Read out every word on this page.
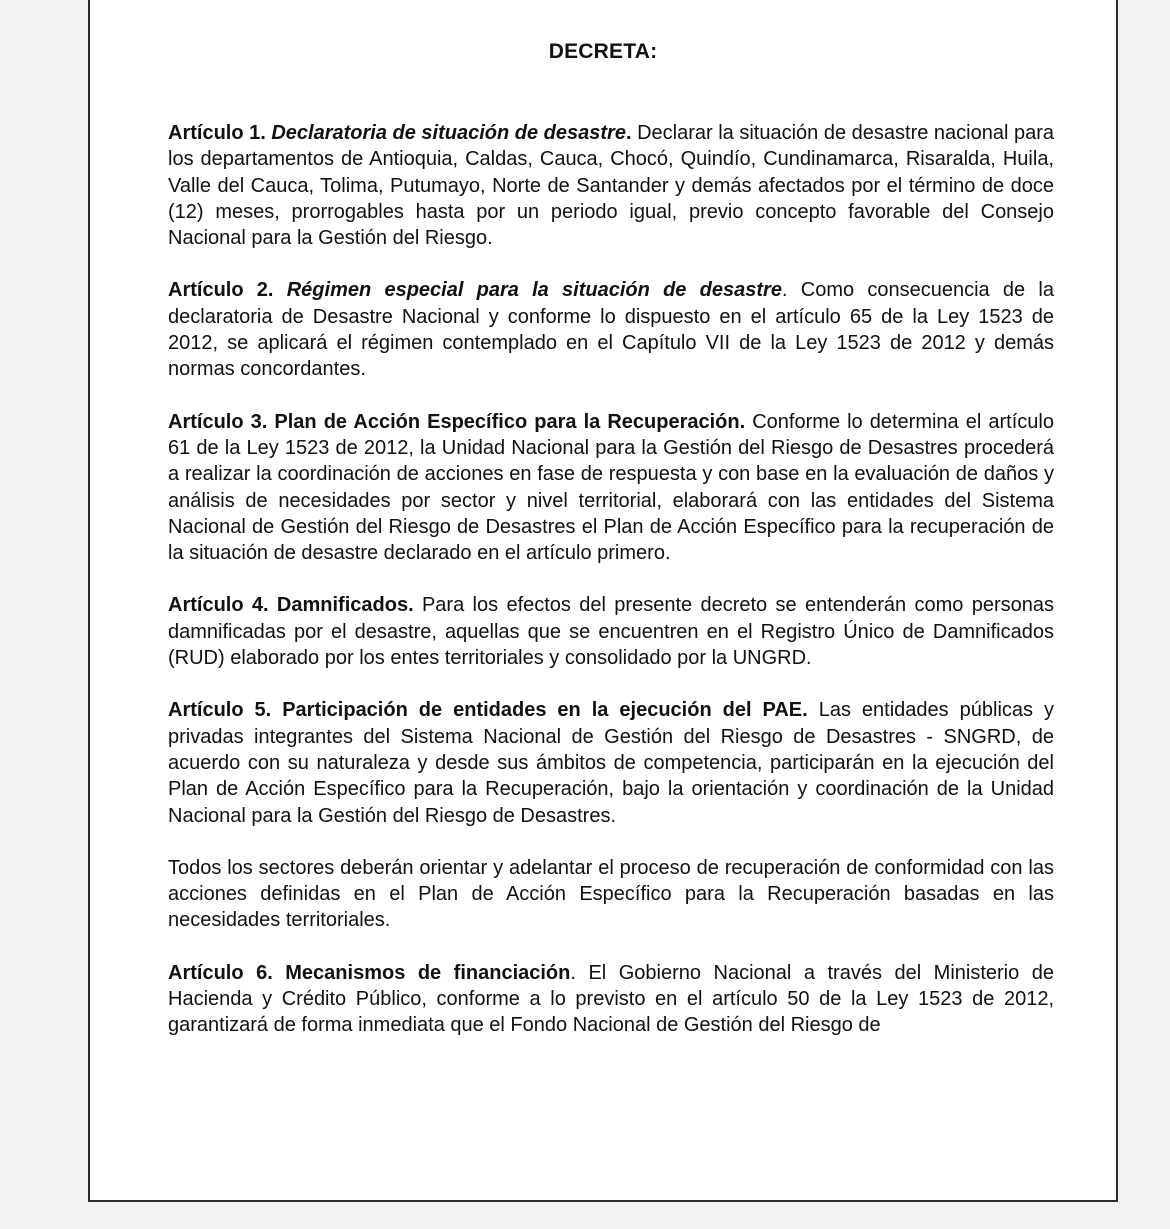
DECRETA:

Artículo 1. Declaratoria de situación de desastre. Declarar la situación de desastre nacional para los departamentos de Antioquia, Caldas, Cauca, Chocó, Quindío, Cundinamarca, Risaralda, Huila, Valle del Cauca, Tolima, Putumayo, Norte de Santander y demás afectados por el término de doce (12) meses, prorrogables hasta por un periodo igual, previo concepto favorable del Consejo Nacional para la Gestión del Riesgo.

Artículo 2. Régimen especial para la situación de desastre. Como consecuencia de la declaratoria de Desastre Nacional y conforme lo dispuesto en el artículo 65 de la Ley 1523 de 2012, se aplicará el régimen contemplado en el Capítulo VII de la Ley 1523 de 2012 y demás normas concordantes.

Artículo 3. Plan de Acción Específico para la Recuperación. Conforme lo determina el artículo 61 de la Ley 1523 de 2012, la Unidad Nacional para la Gestión del Riesgo de Desastres procederá a realizar la coordinación de acciones en fase de respuesta y con base en la evaluación de daños y análisis de necesidades por sector y nivel territorial, elaborará con las entidades del Sistema Nacional de Gestión del Riesgo de Desastres el Plan de Acción Específico para la recuperación de la situación de desastre declarado en el artículo primero.

Artículo 4. Damnificados. Para los efectos del presente decreto se entenderán como personas damnificadas por el desastre, aquellas que se encuentren en el Registro Único de Damnificados (RUD) elaborado por los entes territoriales y consolidado por la UNGRD.

Artículo 5. Participación de entidades en la ejecución del PAE. Las entidades públicas y privadas integrantes del Sistema Nacional de Gestión del Riesgo de Desastres - SNGRD, de acuerdo con su naturaleza y desde sus ámbitos de competencia, participarán en la ejecución del Plan de Acción Específico para la Recuperación, bajo la orientación y coordinación de la Unidad Nacional para la Gestión del Riesgo de Desastres.

Todos los sectores deberán orientar y adelantar el proceso de recuperación de conformidad con las acciones definidas en el Plan de Acción Específico para la Recuperación basadas en las necesidades territoriales.

Artículo 6. Mecanismos de financiación. El Gobierno Nacional a través del Ministerio de Hacienda y Crédito Público, conforme a lo previsto en el artículo 50 de la Ley 1523 de 2012, garantizará de forma inmediata que el Fondo Nacional de Gestión del Riesgo de
